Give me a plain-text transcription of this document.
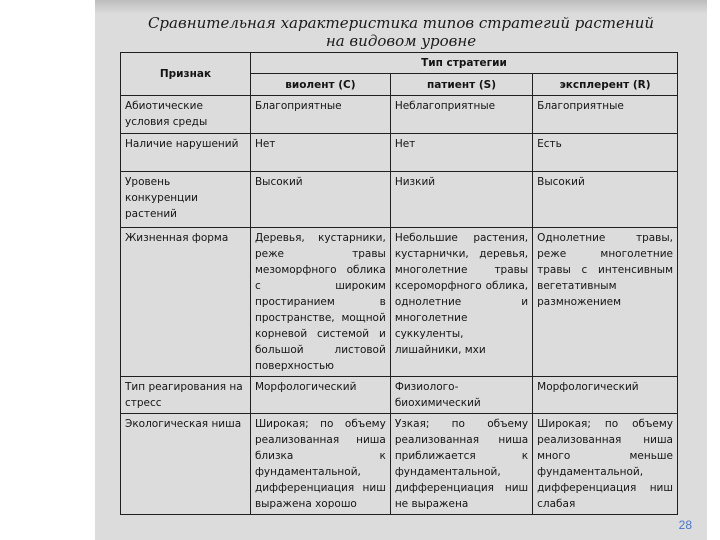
Сравнительная характеристика типов стратегий растений
на видовом уровне
Признак	Тип стратегии		
	виолент (С)	патиент (S)	эксплерент (R)
Абиотические условия среды	Благоприятные	Неблагоприятные	Благоприятные
Наличие нарушений	Нет	Нет	Есть
Уровень конкуренции растений	Высокий	Низкий	Высокий
Жизненная форма	Деревья, кустарники, реже травы мезоморфного облика с широким простиранием в пространстве, мощной корневой системой и большой листовой поверхностью	Небольшие растения, кустарнички, деревья, многолетние травы ксероморфного облика, однолетние и многолетние суккуленты, лишайники, мхи	Однолетние травы, реже многолетние травы с интенсивным вегетативным размножением
Тип реагирования на стресс	Морфологический	Физиолого-биохимический	Морфологический
Экологическая ниша	Широкая; по объему реализованная ниша близка к фундаментальной, дифференциация ниш выражена хорошо	Узкая; по объему реализованная ниша приближается к фундаментальной, дифференциация ниш не выражена	Широкая; по объему реализованная ниша много меньше фундаментальной, дифференциация ниш слабая
28
